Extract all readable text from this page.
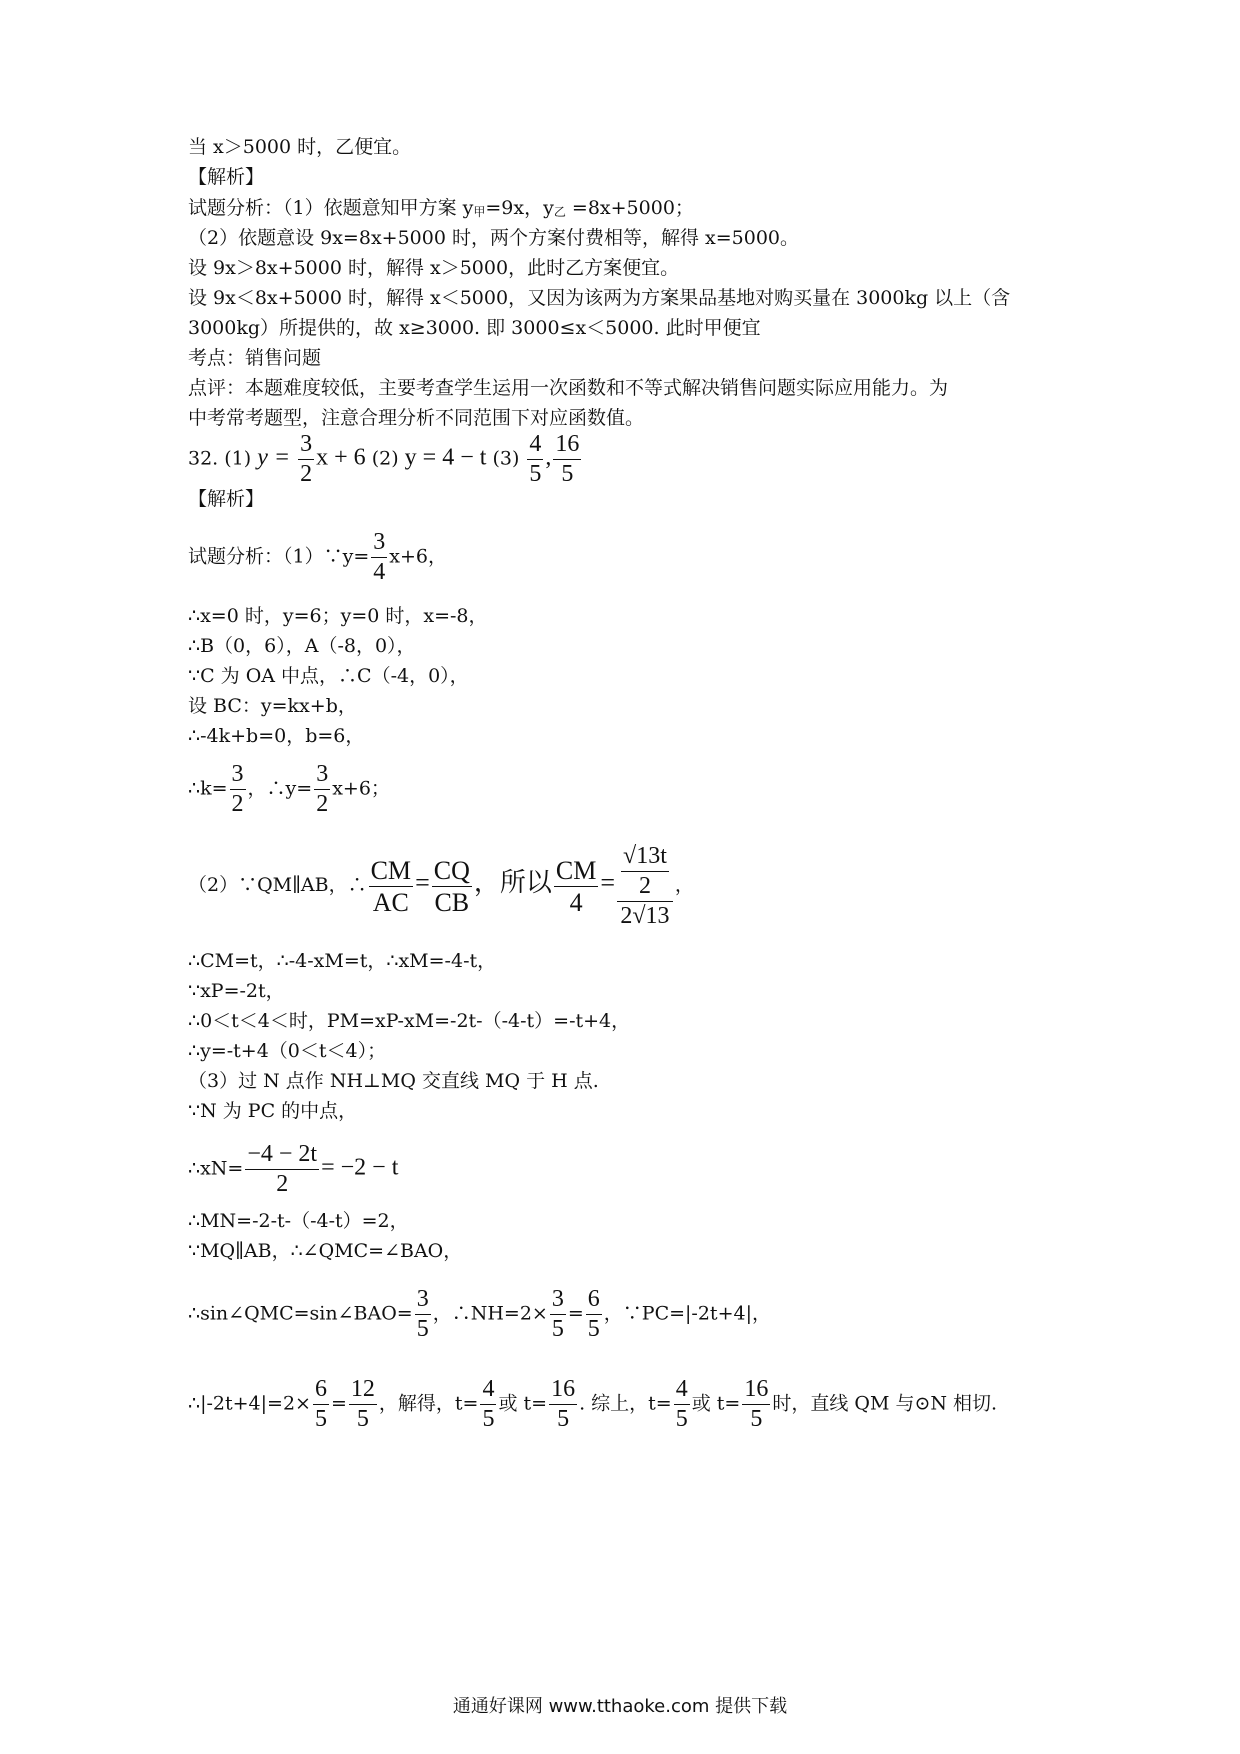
当 x＞5000 时，乙便宜。
【解析】
试题分析：（1）依题意知甲方案 y甲=9x，y乙 =8x+5000；
（2）依题意设 9x=8x+5000 时，两个方案付费相等，解得 x=5000。
设 9x＞8x+5000 时，解得 x＞5000，此时乙方案便宜。
设 9x＜8x+5000 时，解得 x＜5000，又因为该两为方案果品基地对购买量在 3000kg 以上（含
3000kg）所提供的，故 x≥3000. 即 3000≤x＜5000. 此时甲便宜
考点：销售问题
点评：本题难度较低，主要考查学生运用一次函数和不等式解决销售问题实际应用能力。为
中考常考题型，注意合理分析不同范围下对应函数值。
32. (1) $y = \frac{3}{2}$ x + 6 (2) y = 4 − t $(3) \frac{4}{5}$ , $\frac{16}{5}$
【解析】
试题分析：（1）∵y= $\frac{3}{4} x+6$，
∴x=0 时，y=6；y=0 时，x=-8，
∴B（0，6），A（-8，0），
∵C 为 OA 中点，∴C（-4，0），
设 BC：y=kx+b，
∴-4k+b=0，b=6，
∴k= $\frac{3}{2}$ ，∴y= $\frac{3}{2} x+6$；
（2）∵QM∥AB，∴ $\frac{CM}{AC} = \frac{CQ}{CB}$ ，所以 $\frac{CM}{4} = \frac{\frac{√13t}{2}}{2√13}$ ，
∴CM=t，∴-4-xM=t，∴xM=-4-t，
∵xP=-2t，
∴0＜t＜4＜时，PM=xP-xM=-2t-（-4-t）=-t+4，
∴y=-t+4（0＜t＜4）；
（3）过 N 点作 NH⊥MQ 交直线 MQ 于 H 点.
∵N 为 PC 的中点，
∴xN= $\frac{-4 - 2t}{2} = -2 - t$
∴MN=-2-t-（-4-t）=2，
∵MQ∥AB，∴∠QMC=∠BAO，
∴sin∠QMC=sin∠BAO= $\frac{3}{5}$ ，∴NH=2× $\frac{3}{5} = \frac{6}{5}$ ，∵PC=|-2t+4|，
∴|-2t+4|=2× $\frac{6}{5} = \frac{12}{5}$ ，解得，$t= \frac{4}{5}$ 或 $t= \frac{16}{5}$ . 综上，$t= \frac{4}{5}$ 或 $t= \frac{16}{5}$ 时，直线 QM 与⊙N 相切.
通通好课网 www.tthaoke.com 提供下载
